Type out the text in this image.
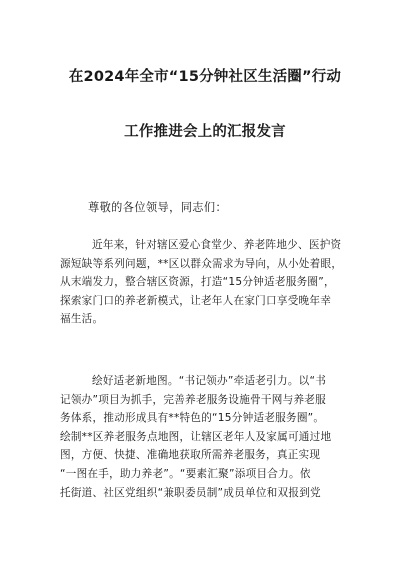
在2024年全市“15分钟社区生活圈”行动
工作推进会上的汇报发言
尊敬的各位领导，同志们：
近年来，针对辖区爱心食堂少、养老阵地少、医护资
源短缺等系列问题，**区以群众需求为导向，从小处着眼，
从末端发力，整合辖区资源，打造“15分钟适老服务圈”，
探索家门口的养老新模式，让老年人在家门口享受晚年幸
福生活。
绘好适老新地图。“书记领办”牵适老引力。以“书
记领办”项目为抓手，完善养老服务设施骨干网与养老服
务体系，推动形成具有**特色的“15分钟适老服务圈”。
绘制**区养老服务点地图，让辖区老年人及家属可通过地
图，方便、快捷、准确地获取所需养老服务，真正实现
“一图在手，助力养老”。“要素汇聚”添项目合力。依
托街道、社区党组织“兼职委员制”成员单位和双报到党
